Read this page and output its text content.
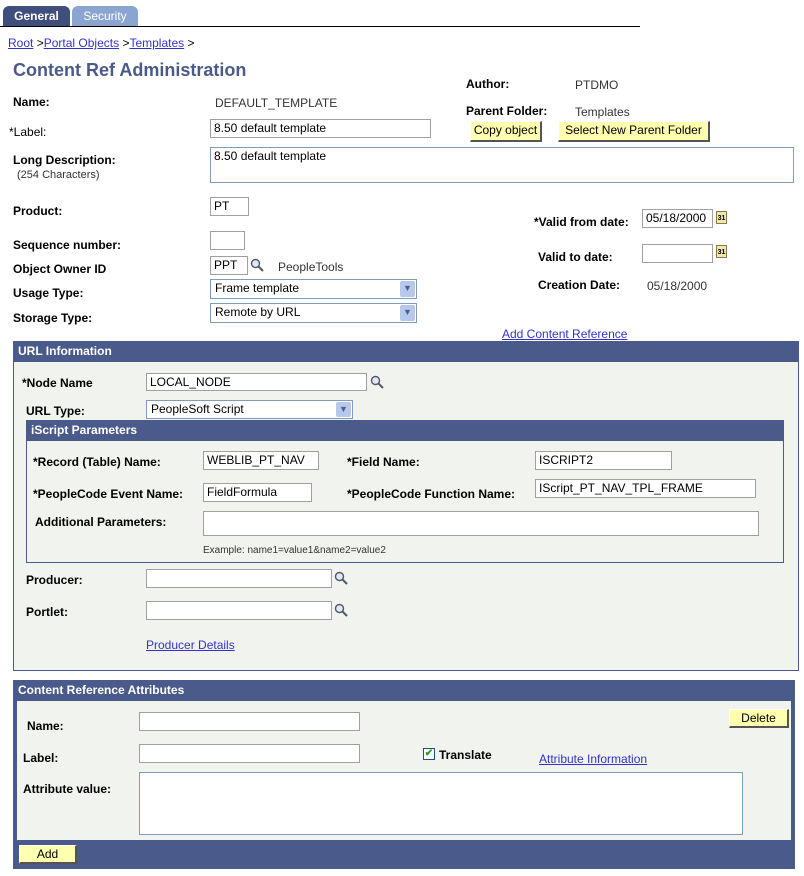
General	Security
Root >Portal Objects >Templates >
Content Ref Administration
Name:	DEFAULT_TEMPLATE
*Label:	8.50 default template
Long Description:
(254 Characters)
8.50 default template
Product:	PT
Sequence number:
Object Owner ID	PPT	PeopleTools
Usage Type:	Frame template	▼
Storage Type:	Remote by URL	▼
Author:	PTDMO
Parent Folder: Templates
Copy object	Select New Parent Folder
*Valid from date:	05/18/2000	31
Valid to date:	31
Creation Date: 05/18/2000
Add Content Reference
URL Information
*Node Name	LOCAL_NODE
URL Type:	PeopleSoft Script	▼
iScript Parameters
*Record (Table) Name:	WEBLIB_PT_NAV	*Field Name:	ISCRIPT2
*PeopleCode Event Name:	FieldFormula	*PeopleCode Function Name:	IScript_PT_NAV_TPL_FRAME
Additional Parameters:
Example: name1=value1&name2=value2
Producer:
Portlet:
Producer Details
Content Reference Attributes
Name:
Delete
Label:	✔ Translate	Attribute Information
Attribute value:
Add
